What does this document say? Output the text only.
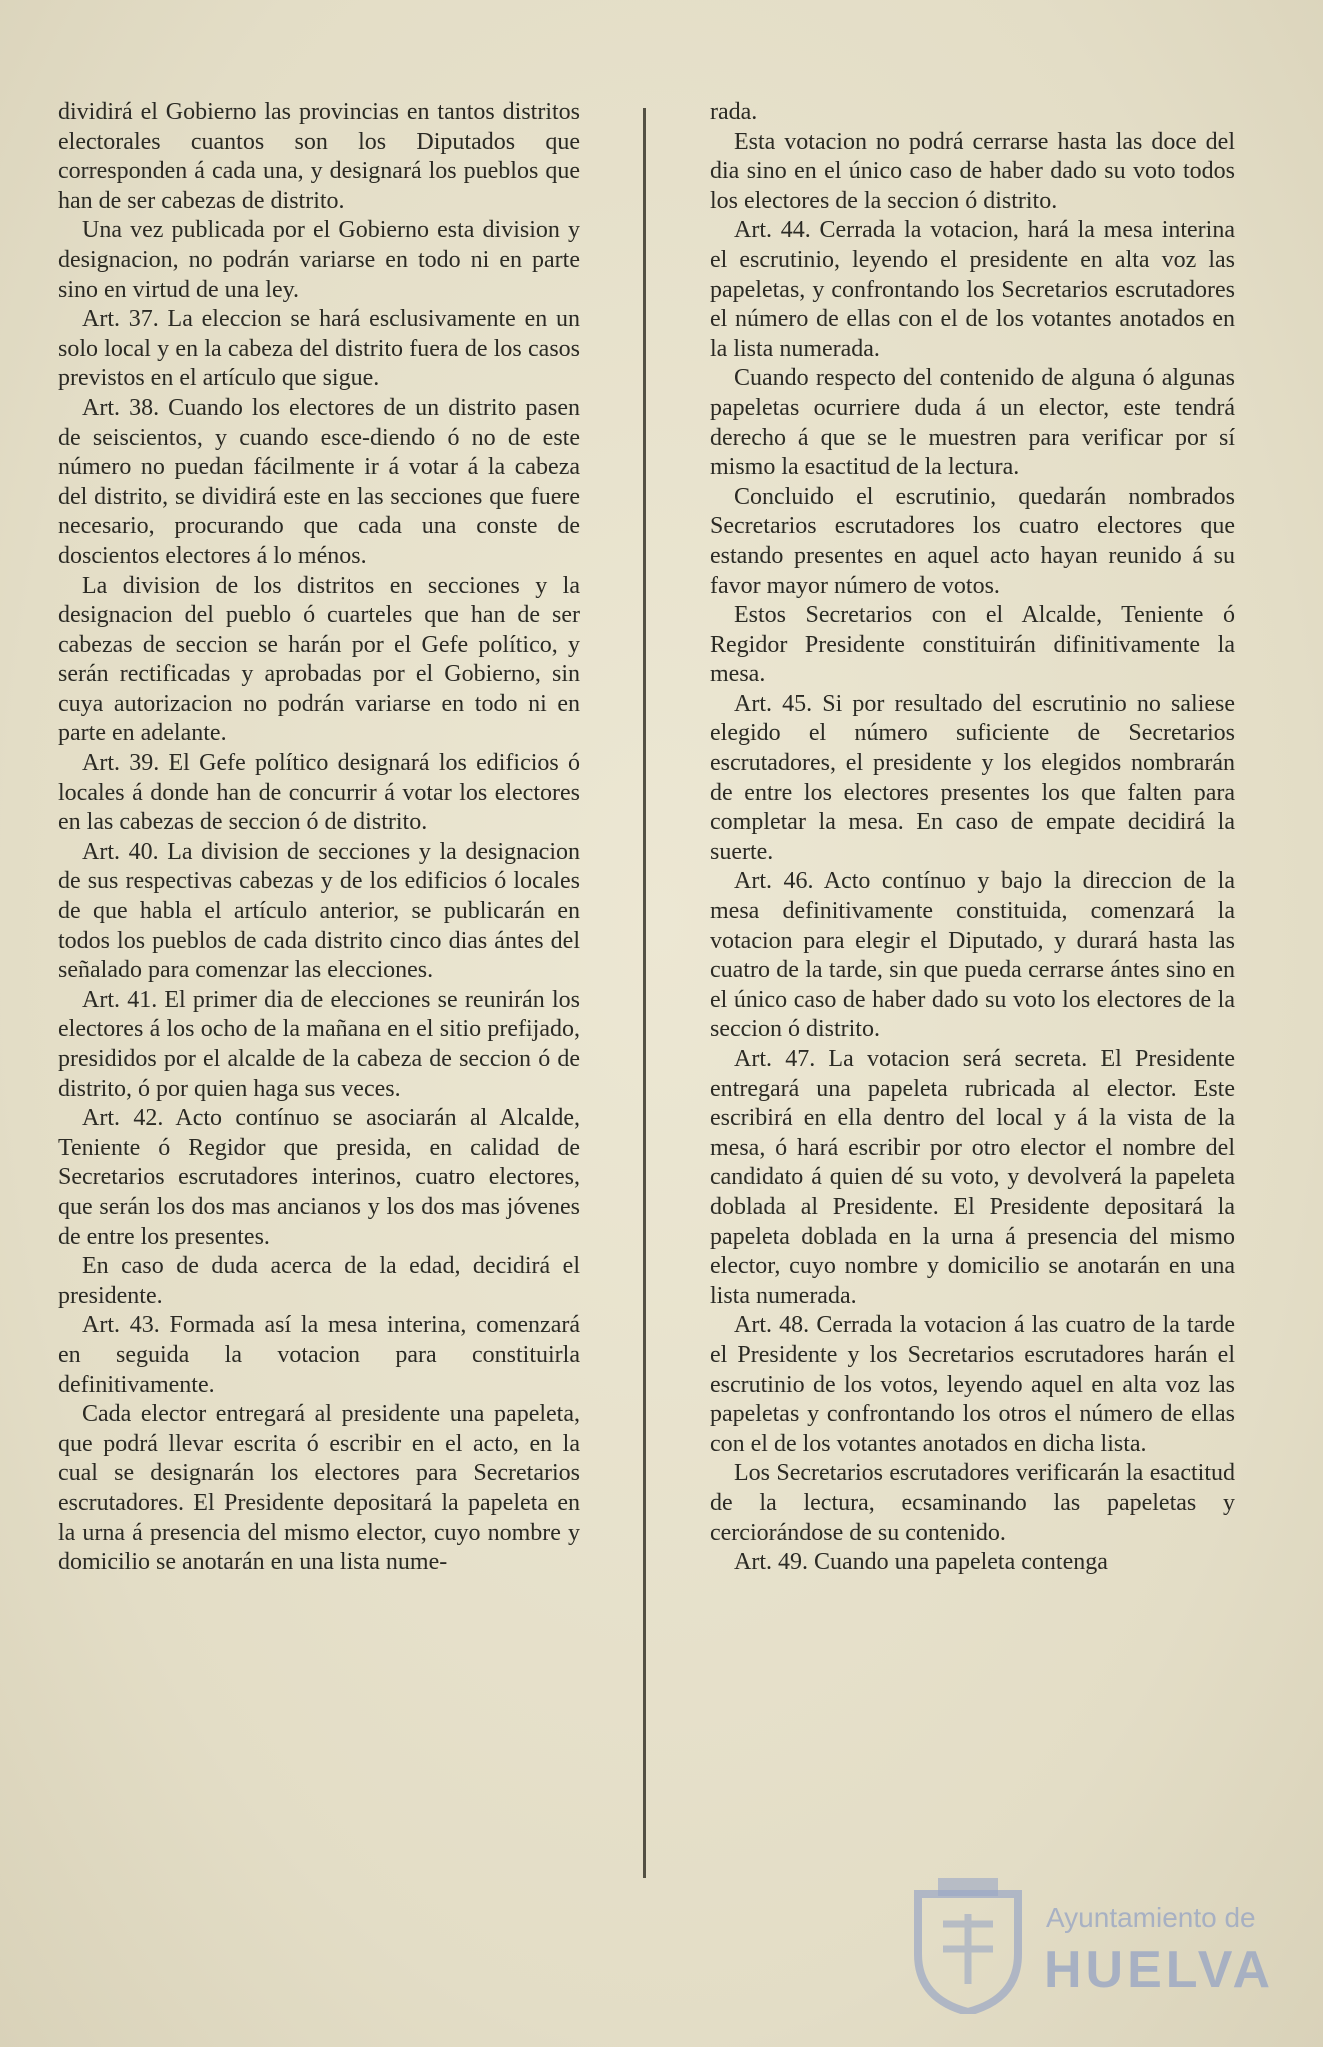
dividirá el Gobierno las provincias en tantos distritos electorales cuantos son los Diputados que corresponden á cada una, y designará los pueblos que han de ser cabezas de distrito.

Una vez publicada por el Gobierno esta division y designacion, no podrán variarse en todo ni en parte sino en virtud de una ley.

Art. 37. La eleccion se hará esclusivamente en un solo local y en la cabeza del distrito fuera de los casos previstos en el artículo que sigue.

Art. 38. Cuando los electores de un distrito pasen de seiscientos, y cuando esce-diendo ó no de este número no puedan fácilmente ir á votar á la cabeza del distrito, se dividirá este en las secciones que fuere necesario, procurando que cada una conste de doscientos electores á lo ménos.

La division de los distritos en secciones y la designacion del pueblo ó cuarteles que han de ser cabezas de seccion se harán por el Gefe político, y serán rectificadas y aprobadas por el Gobierno, sin cuya autorizacion no podrán variarse en todo ni en parte en adelante.

Art. 39. El Gefe político designará los edificios ó locales á donde han de concurrir á votar los electores en las cabezas de seccion ó de distrito.

Art. 40. La division de secciones y la designacion de sus respectivas cabezas y de los edificios ó locales de que habla el artículo anterior, se publicarán en todos los pueblos de cada distrito cinco dias ántes del señalado para comenzar las elecciones.

Art. 41. El primer dia de elecciones se reunirán los electores á los ocho de la mañana en el sitio prefijado, presididos por el alcalde de la cabeza de seccion ó de distrito, ó por quien haga sus veces.

Art. 42. Acto contínuo se asociarán al Alcalde, Teniente ó Regidor que presida, en calidad de Secretarios escrutadores interinos, cuatro electores, que serán los dos mas ancianos y los dos mas jóvenes de entre los presentes.

En caso de duda acerca de la edad, decidirá el presidente.

Art. 43. Formada así la mesa interina, comenzará en seguida la votacion para constituirla definitivamente.

Cada elector entregará al presidente una papeleta, que podrá llevar escrita ó escribir en el acto, en la cual se designarán los electores para Secretarios escrutadores. El Presidente depositará la papeleta en la urna á presencia del mismo elector, cuyo nombre y domicilio se anotarán en una lista nume-

rada.

Esta votacion no podrá cerrarse hasta las doce del dia sino en el único caso de haber dado su voto todos los electores de la seccion ó distrito.

Art. 44. Cerrada la votacion, hará la mesa interina el escrutinio, leyendo el presidente en alta voz las papeletas, y confrontando los Secretarios escrutadores el número de ellas con el de los votantes anotados en la lista numerada.

Cuando respecto del contenido de alguna ó algunas papeletas ocurriere duda á un elector, este tendrá derecho á que se le muestren para verificar por sí mismo la esactitud de la lectura.

Concluido el escrutinio, quedarán nombrados Secretarios escrutadores los cuatro electores que estando presentes en aquel acto hayan reunido á su favor mayor número de votos.

Estos Secretarios con el Alcalde, Teniente ó Regidor Presidente constituirán difinitivamente la mesa.

Art. 45. Si por resultado del escrutinio no saliese elegido el número suficiente de Secretarios escrutadores, el presidente y los elegidos nombrarán de entre los electores presentes los que falten para completar la mesa. En caso de empate decidirá la suerte.

Art. 46. Acto contínuo y bajo la direccion de la mesa definitivamente constituida, comenzará la votacion para elegir el Diputado, y durará hasta las cuatro de la tarde, sin que pueda cerrarse ántes sino en el único caso de haber dado su voto los electores de la seccion ó distrito.

Art. 47. La votacion será secreta. El Presidente entregará una papeleta rubricada al elector. Este escribirá en ella dentro del local y á la vista de la mesa, ó hará escribir por otro elector el nombre del candidato á quien dé su voto, y devolverá la papeleta doblada al Presidente. El Presidente depositará la papeleta doblada en la urna á presencia del mismo elector, cuyo nombre y domicilio se anotarán en una lista numerada.

Art. 48. Cerrada la votacion á las cuatro de la tarde el Presidente y los Secretarios escrutadores harán el escrutinio de los votos, leyendo aquel en alta voz las papeletas y confrontando los otros el número de ellas con el de los votantes anotados en dicha lista.

Los Secretarios escrutadores verificarán la esactitud de la lectura, ecsaminando las papeletas y cerciorándose de su contenido.

Art. 49. Cuando una papeleta contenga

Ayuntamiento de
HUELVA
